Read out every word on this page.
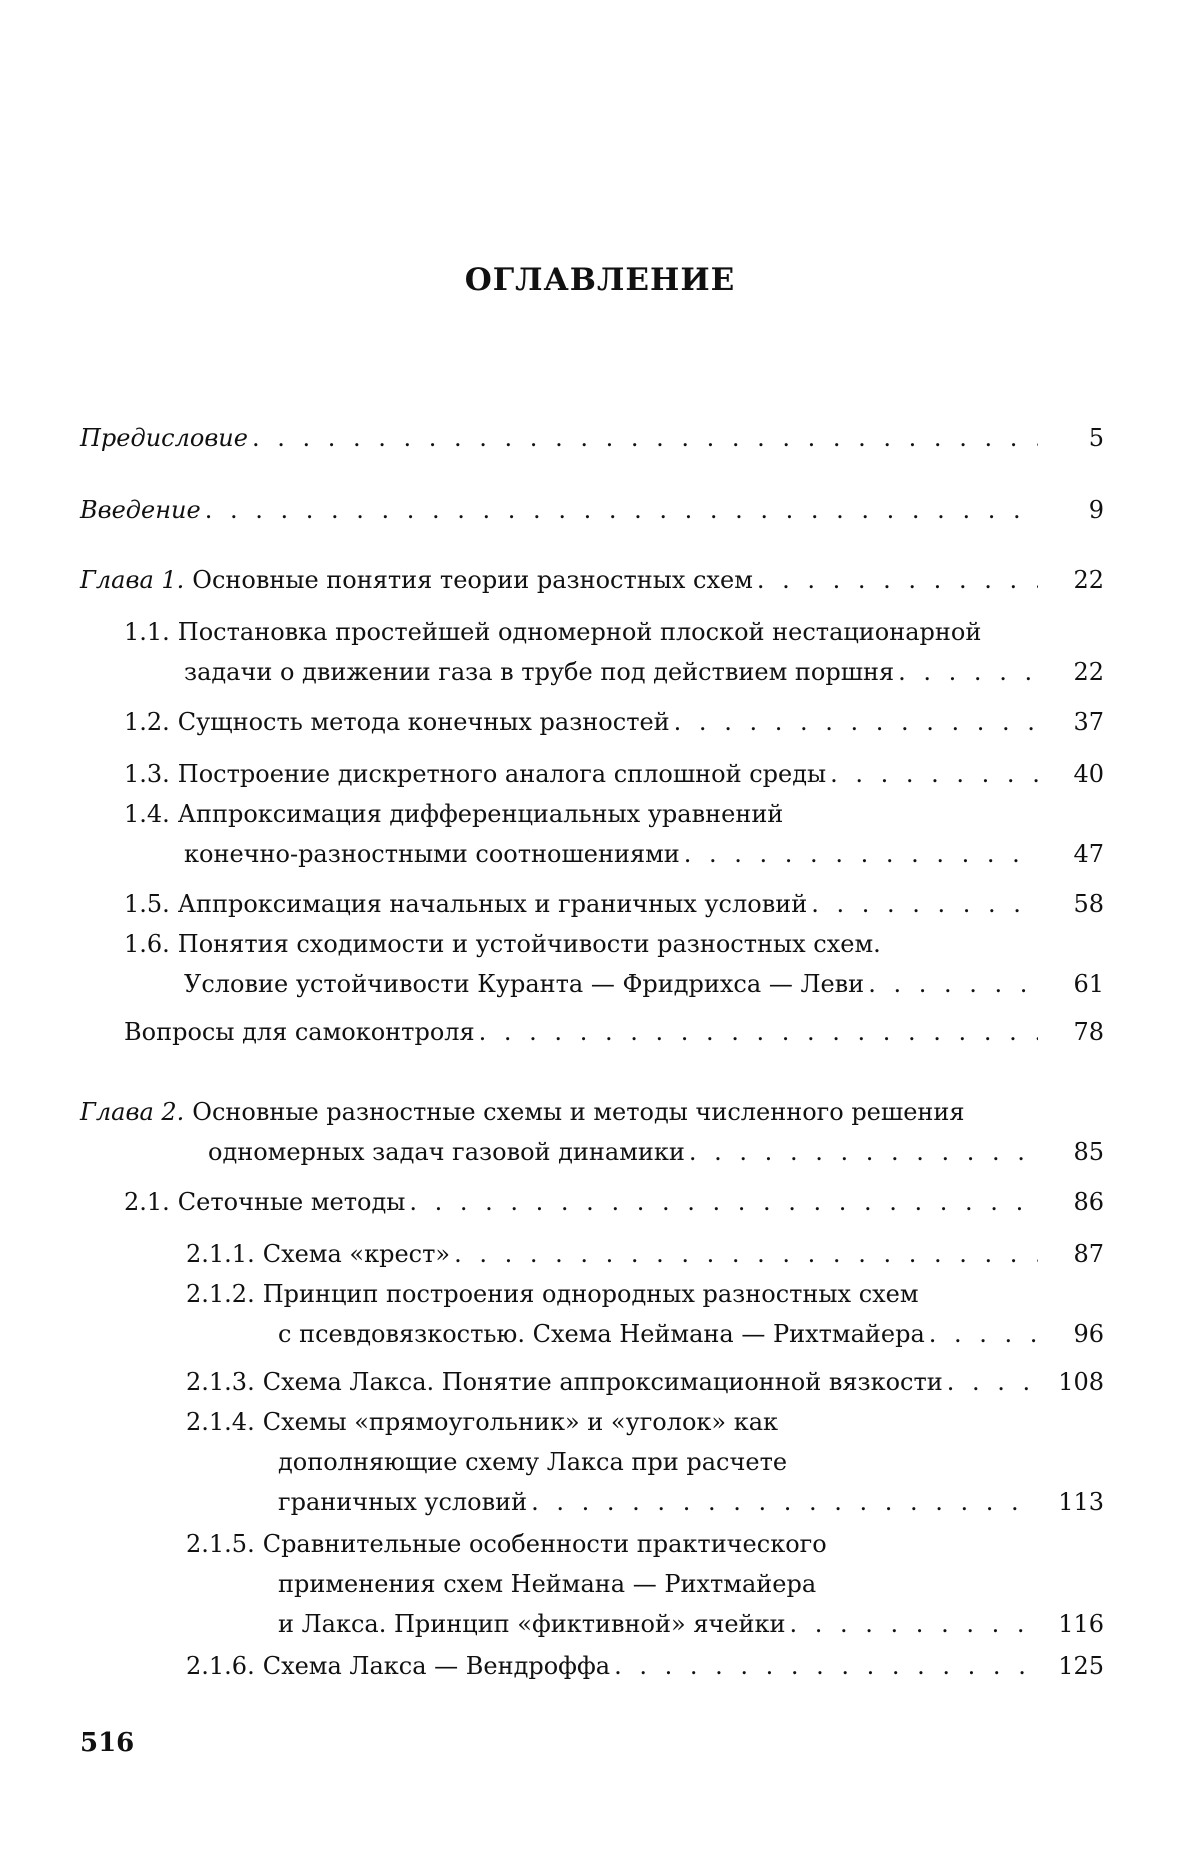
ОГЛАВЛЕНИЕ
Предисловие . . .	5
Введение . . .	9
Глава 1. Основные понятия теории разностных схем . . .	22
1.1. Постановка простейшей одномерной плоской нестационарной
задачи о движении газа в трубе под действием поршня . . .	22
1.2. Сущность метода конечных разностей . . .	37
1.3. Построение дискретного аналога сплошной среды . . .	40
1.4. Аппроксимация дифференциальных уравнений
конечно-разностными соотношениями . . .	47
1.5. Аппроксимация начальных и граничных условий . . .	58
1.6. Понятия сходимости и устойчивости разностных схем.
Условие устойчивости Куранта — Фридрихса — Леви . . .	61
Вопросы для самоконтроля . . .	78
Глава 2. Основные разностные схемы и методы численного решения
одномерных задач газовой динамики . . .	85
2.1. Сеточные методы . . .	86
2.1.1. Схема «крест» . . .	87
2.1.2. Принцип построения однородных разностных схем
с псевдовязкостью. Схема Неймана — Рихтмайера . . .	96
2.1.3. Схема Лакса. Понятие аппроксимационной вязкости . . .	108
2.1.4. Схемы «прямоугольник» и «уголок» как
дополняющие схему Лакса при расчете
граничных условий . . .	113
2.1.5. Сравнительные особенности практического
применения схем Неймана — Рихтмайера
и Лакса. Принцип «фиктивной» ячейки . . .	116
2.1.6. Схема Лакса — Вендроффа . . .	125
516
